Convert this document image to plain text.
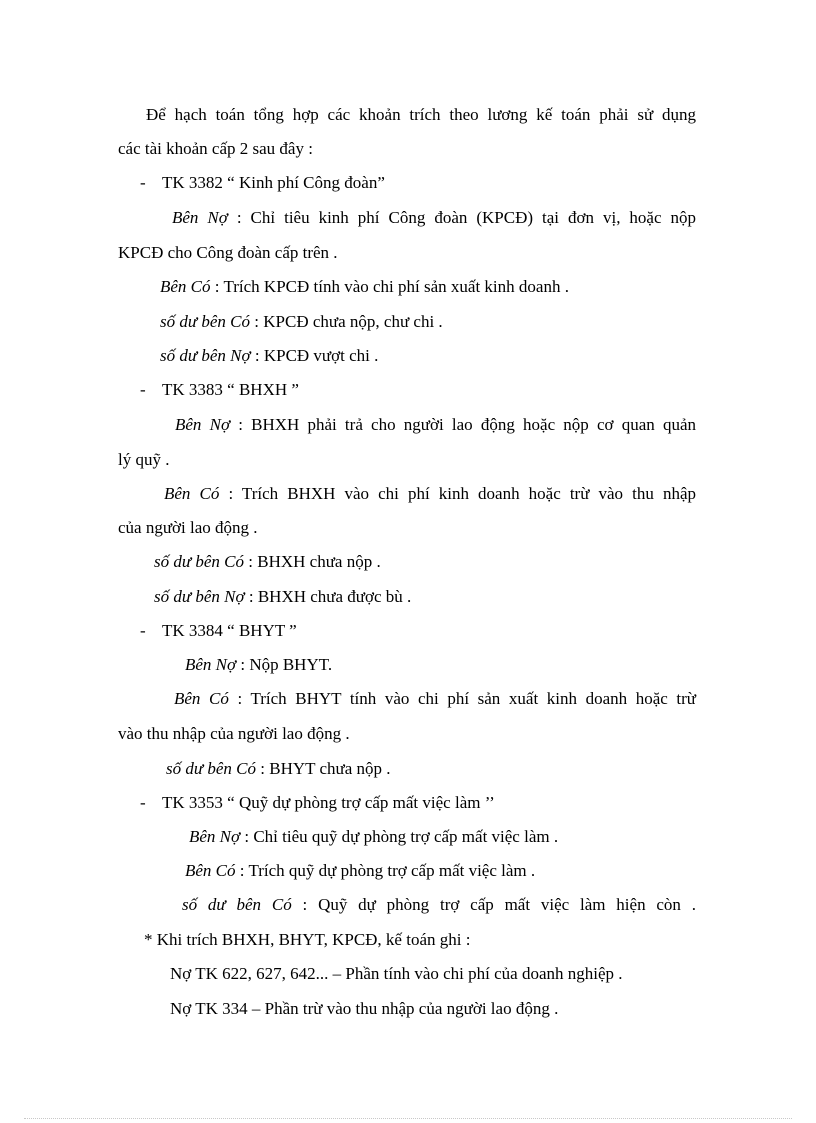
Để hạch toán tổng hợp các khoản trích theo lương kế toán phải sử dụng
các tài khoản cấp 2 sau đây :
- TK 3382 “ Kinh phí Công đoàn”
Bên Nợ : Chỉ tiêu kinh phí Công đoàn (KPCĐ) tại đơn vị, hoặc nộp
KPCĐ cho Công đoàn cấp trên .
Bên Có : Trích KPCĐ tính vào chi phí sản xuất kinh doanh .
số dư bên Có : KPCĐ chưa nộp, chư chi .
số dư bên Nợ : KPCĐ vượt chi .
- TK 3383 “ BHXH ”
Bên Nợ : BHXH phải trả cho người lao động hoặc nộp cơ quan quản
lý quỹ .
Bên Có : Trích BHXH vào chi phí kinh doanh hoặc trừ vào thu nhập
của người lao động .
số dư bên Có : BHXH chưa nộp .
số dư bên Nợ : BHXH chưa được bù .
- TK 3384 “ BHYT ”
Bên Nợ : Nộp BHYT.
Bên Có : Trích BHYT tính vào chi phí sản xuất kinh doanh hoặc trừ
vào thu nhập của người lao động .
số dư bên Có : BHYT chưa nộp .
- TK 3353 “ Quỹ dự phòng trợ cấp mất việc làm ’’
Bên Nợ : Chỉ tiêu quỹ dự phòng trợ cấp mất việc làm .
Bên Có : Trích quỹ dự phòng trợ cấp mất việc làm .
số dư bên Có : Quỹ dự phòng trợ cấp mất việc làm hiện còn .
* Khi trích BHXH, BHYT, KPCĐ, kế toán ghi :
Nợ TK 622, 627, 642... – Phần tính vào chi phí của doanh nghiệp .
Nợ TK 334 – Phần trừ vào thu nhập của người lao động .
